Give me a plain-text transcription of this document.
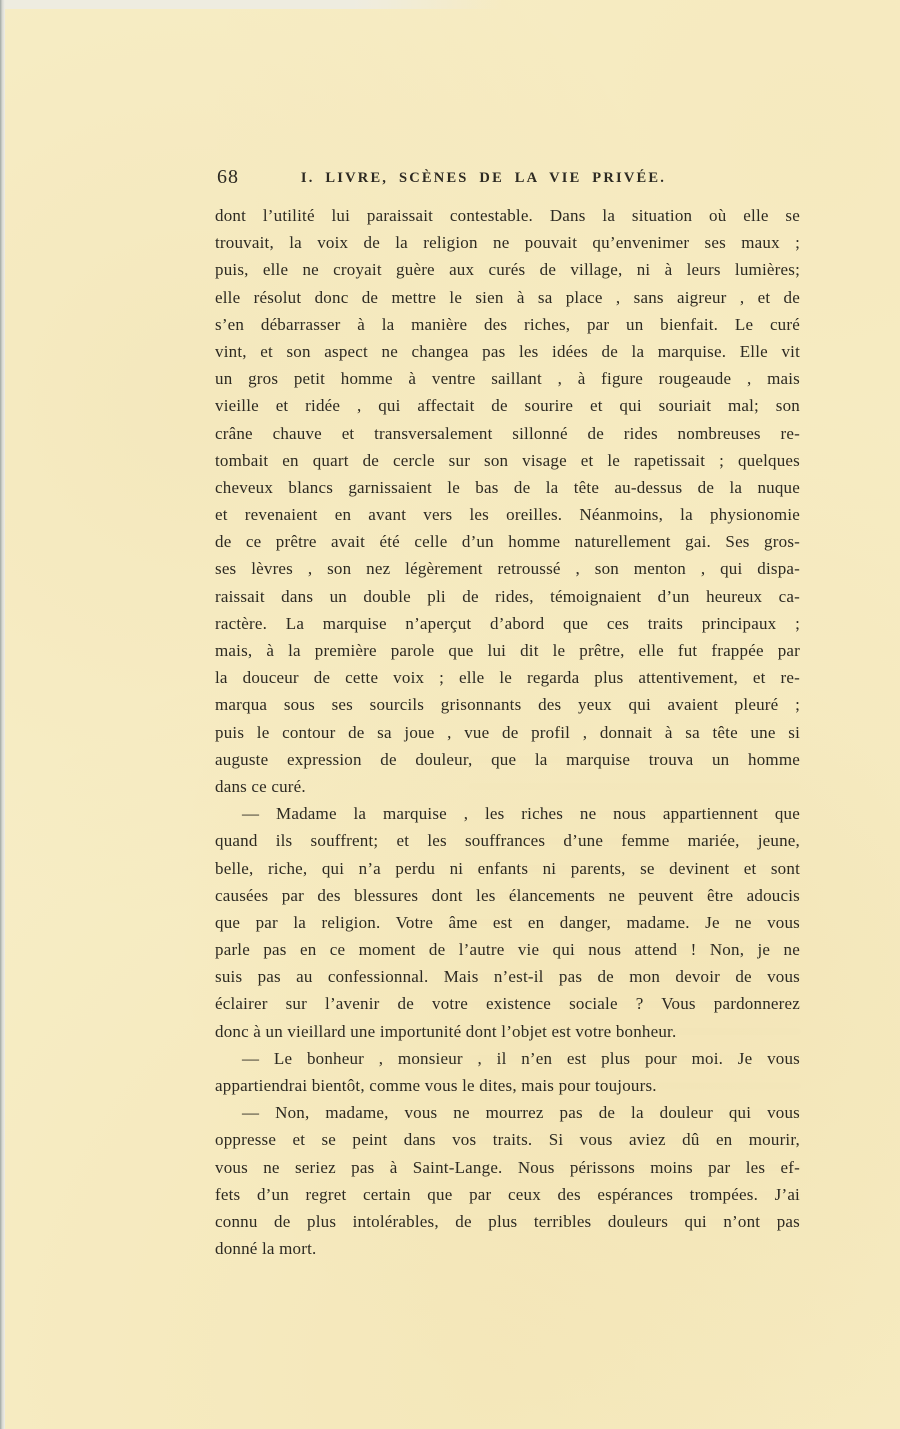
68	I. LIVRE, SCÈNES DE LA VIE PRIVÉE.
dont l’utilité lui paraissait contestable. Dans la situation où elle se
trouvait, la voix de la religion ne pouvait qu’envenimer ses maux ;
puis, elle ne croyait guère aux curés de village, ni à leurs lumières;
elle résolut donc de mettre le sien à sa place , sans aigreur , et de
s’en débarrasser à la manière des riches, par un bienfait. Le curé
vint, et son aspect ne changea pas les idées de la marquise. Elle vit
un gros petit homme à ventre saillant , à figure rougeaude , mais
vieille et ridée , qui affectait de sourire et qui souriait mal; son
crâne chauve et transversalement sillonné de rides nombreuses re-
tombait en quart de cercle sur son visage et le rapetissait ; quelques
cheveux blancs garnissaient le bas de la tête au-dessus de la nuque
et revenaient en avant vers les oreilles. Néanmoins, la physionomie
de ce prêtre avait été celle d’un homme naturellement gai. Ses gros-
ses lèvres , son nez légèrement retroussé , son menton , qui dispa-
raissait dans un double pli de rides, témoignaient d’un heureux ca-
ractère. La marquise n’aperçut d’abord que ces traits principaux ;
mais, à la première parole que lui dit le prêtre, elle fut frappée par
la douceur de cette voix ; elle le regarda plus attentivement, et re-
marqua sous ses sourcils grisonnants des yeux qui avaient pleuré ;
puis le contour de sa joue , vue de profil , donnait à sa tête une si
auguste expression de douleur, que la marquise trouva un homme
dans ce curé.
— Madame la marquise , les riches ne nous appartiennent que
quand ils souffrent; et les souffrances d’une femme mariée, jeune,
belle, riche, qui n’a perdu ni enfants ni parents, se devinent et sont
causées par des blessures dont les élancements ne peuvent être adoucis
que par la religion. Votre âme est en danger, madame. Je ne vous
parle pas en ce moment de l’autre vie qui nous attend ! Non, je ne
suis pas au confessionnal. Mais n’est-il pas de mon devoir de vous
éclairer sur l’avenir de votre existence sociale ? Vous pardonnerez
donc à un vieillard une importunité dont l’objet est votre bonheur.
— Le bonheur , monsieur , il n’en est plus pour moi. Je vous
appartiendrai bientôt, comme vous le dites, mais pour toujours.
— Non, madame, vous ne mourrez pas de la douleur qui vous
oppresse et se peint dans vos traits. Si vous aviez dû en mourir,
vous ne seriez pas à Saint-Lange. Nous périssons moins par les ef-
fets d’un regret certain que par ceux des espérances trompées. J’ai
connu de plus intolérables, de plus terribles douleurs qui n’ont pas
donné la mort.
